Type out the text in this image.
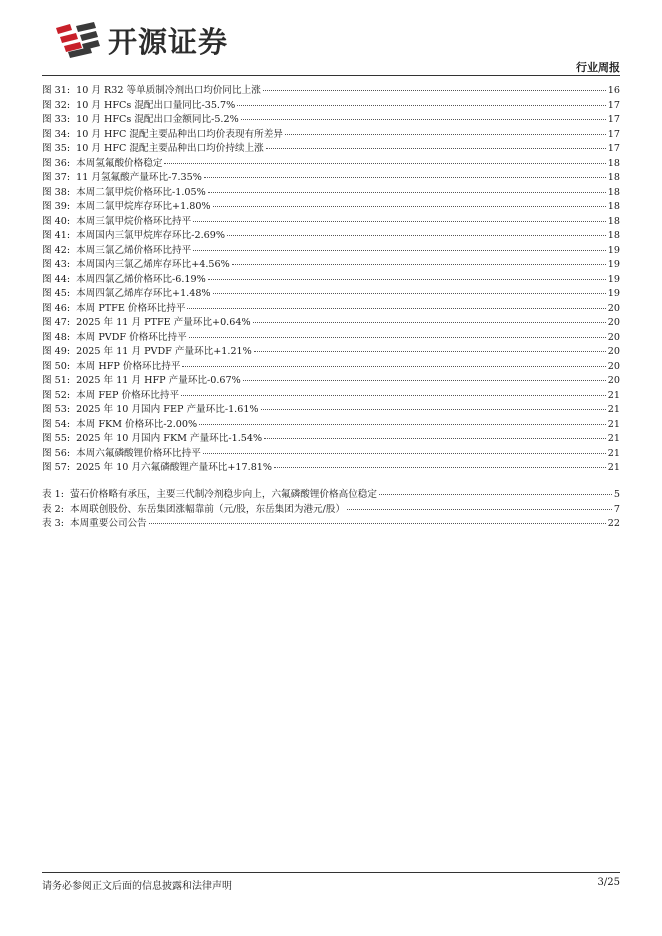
开源证券
行业周报
图 31: 10 月 R32 等单质制冷剂出口均价同比上涨	16
图 32: 10 月 HFCs 混配出口量同比-35.7%	17
图 33: 10 月 HFCs 混配出口金额同比-5.2%	17
图 34: 10 月 HFC 混配主要品种出口均价表现有所差异	17
图 35: 10 月 HFC 混配主要品种出口均价持续上涨	17
图 36: 本周氢氟酸价格稳定	18
图 37: 11 月氢氟酸产量环比-7.35%	18
图 38: 本周二氯甲烷价格环比-1.05%	18
图 39: 本周二氯甲烷库存环比+1.80%	18
图 40: 本周三氯甲烷价格环比持平	18
图 41: 本周国内三氯甲烷库存环比-2.69%	18
图 42: 本周三氯乙烯价格环比持平	19
图 43: 本周国内三氯乙烯库存环比+4.56%	19
图 44: 本周四氯乙烯价格环比-6.19%	19
图 45: 本周四氯乙烯库存环比+1.48%	19
图 46: 本周 PTFE 价格环比持平	20
图 47: 2025 年 11 月 PTFE 产量环比+0.64%	20
图 48: 本周 PVDF 价格环比持平	20
图 49: 2025 年 11 月 PVDF 产量环比+1.21%	20
图 50: 本周 HFP 价格环比持平	20
图 51: 2025 年 11 月 HFP 产量环比-0.67%	20
图 52: 本周 FEP 价格环比持平	21
图 53: 2025 年 10 月国内 FEP 产量环比-1.61%	21
图 54: 本周 FKM 价格环比-2.00%	21
图 55: 2025 年 10 月国内 FKM 产量环比-1.54%	21
图 56: 本周六氟磷酸锂价格环比持平	21
图 57: 2025 年 10 月六氟磷酸锂产量环比+17.81%	21
表 1: 萤石价格略有承压，主要三代制冷剂稳步向上，六氟磷酸锂价格高位稳定	5
表 2: 本周联创股份、东岳集团涨幅靠前（元/股，东岳集团为港元/股）	7
表 3: 本周重要公司公告	22
请务必参阅正文后面的信息披露和法律声明	3/25
